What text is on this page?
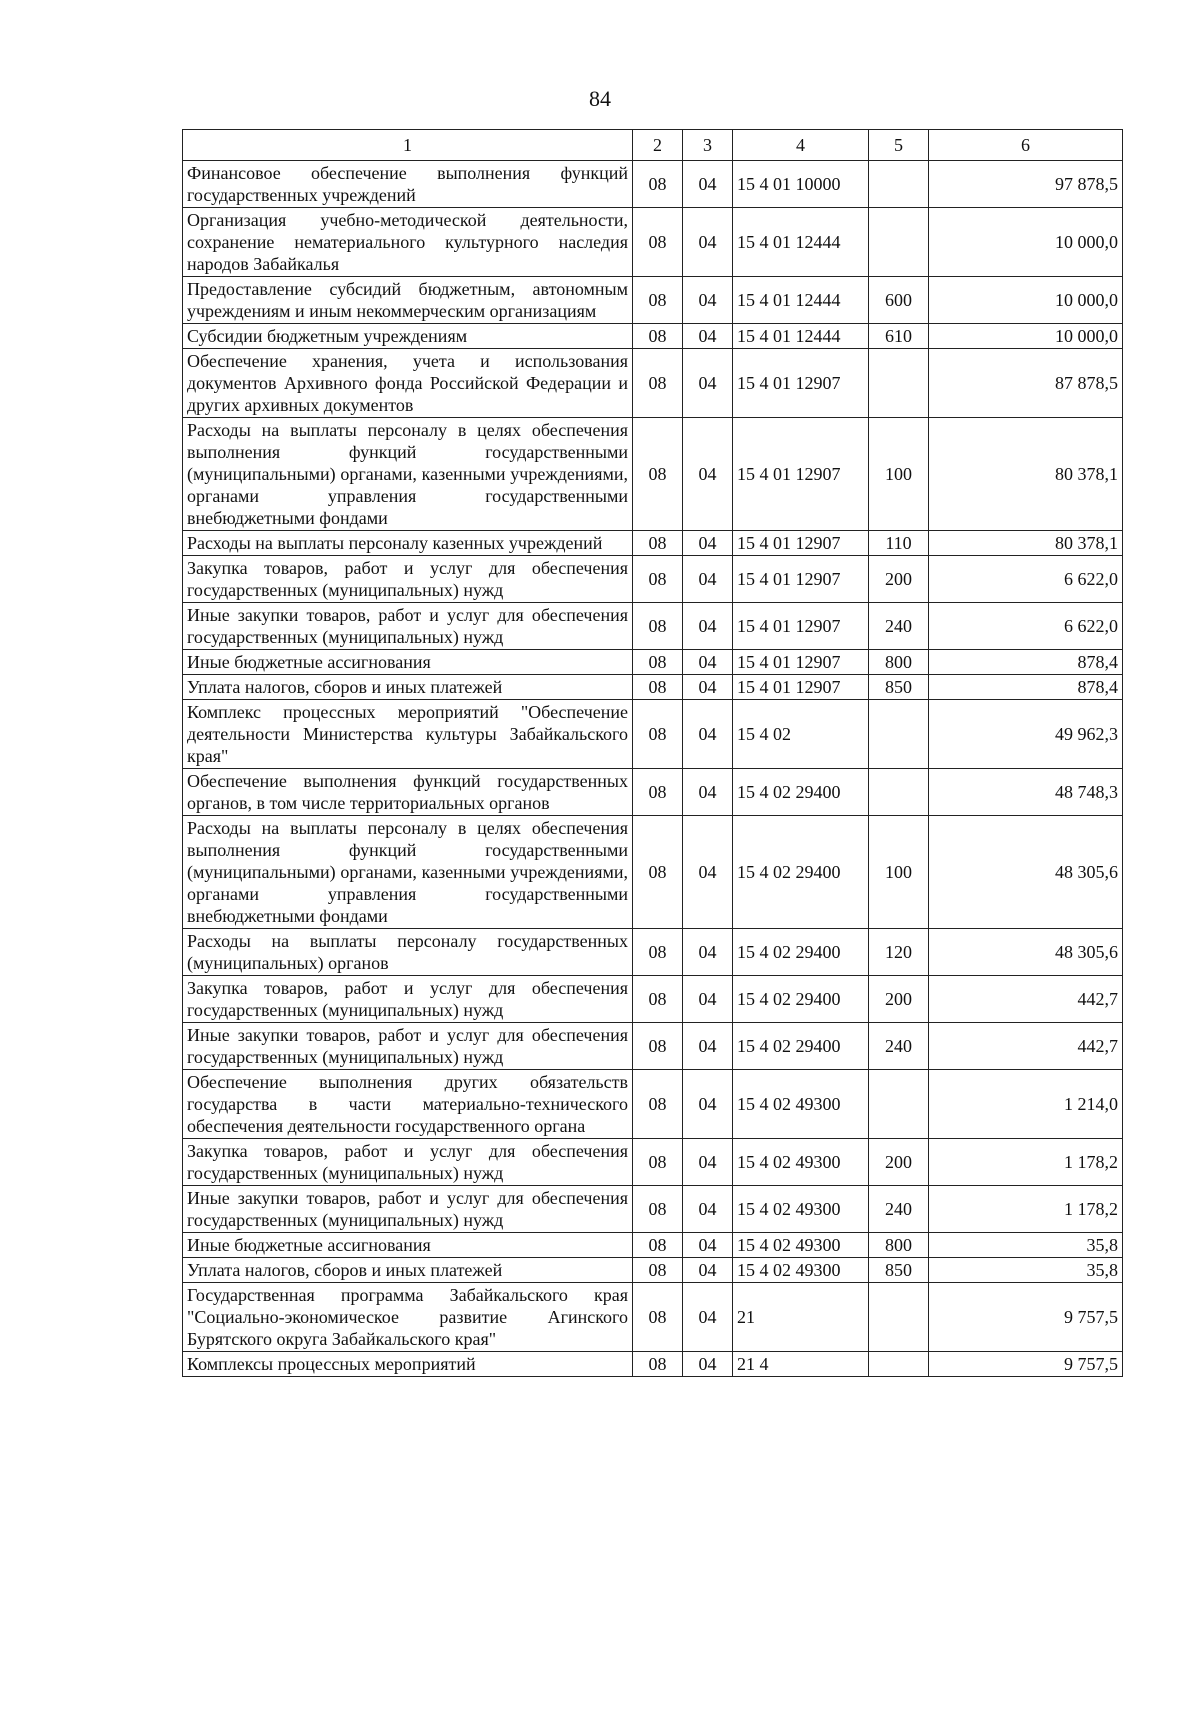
84
1	2	3	4	5	6
Финансовое обеспечение выполнения функций государственных учреждений	08	04	15 4 01 10000		97 878,5
Организация учебно-методической деятельности, сохранение нематериального культурного наследия народов Забайкалья	08	04	15 4 01 12444		10 000,0
Предоставление субсидий бюджетным, автономным учреждениям и иным некоммерческим организациям	08	04	15 4 01 12444	600	10 000,0
Субсидии бюджетным учреждениям	08	04	15 4 01 12444	610	10 000,0
Обеспечение хранения, учета и использования документов Архивного фонда Российской Федерации и других архивных документов	08	04	15 4 01 12907		87 878,5
Расходы на выплаты персоналу в целях обеспечения выполнения функций государственными (муниципальными) органами, казенными учреждениями, органами управления государственными внебюджетными фондами	08	04	15 4 01 12907	100	80 378,1
Расходы на выплаты персоналу казенных учреждений	08	04	15 4 01 12907	110	80 378,1
Закупка товаров, работ и услуг для обеспечения государственных (муниципальных) нужд	08	04	15 4 01 12907	200	6 622,0
Иные закупки товаров, работ и услуг для обеспечения государственных (муниципальных) нужд	08	04	15 4 01 12907	240	6 622,0
Иные бюджетные ассигнования	08	04	15 4 01 12907	800	878,4
Уплата налогов, сборов и иных платежей	08	04	15 4 01 12907	850	878,4
Комплекс процессных мероприятий "Обеспечение деятельности Министерства культуры Забайкальского края"	08	04	15 4 02		49 962,3
Обеспечение выполнения функций государственных органов, в том числе территориальных органов	08	04	15 4 02 29400		48 748,3
Расходы на выплаты персоналу в целях обеспечения выполнения функций государственными (муниципальными) органами, казенными учреждениями, органами управления государственными внебюджетными фондами	08	04	15 4 02 29400	100	48 305,6
Расходы на выплаты персоналу государственных (муниципальных) органов	08	04	15 4 02 29400	120	48 305,6
Закупка товаров, работ и услуг для обеспечения государственных (муниципальных) нужд	08	04	15 4 02 29400	200	442,7
Иные закупки товаров, работ и услуг для обеспечения государственных (муниципальных) нужд	08	04	15 4 02 29400	240	442,7
Обеспечение выполнения других обязательств государства в части материально-технического обеспечения деятельности государственного органа	08	04	15 4 02 49300		1 214,0
Закупка товаров, работ и услуг для обеспечения государственных (муниципальных) нужд	08	04	15 4 02 49300	200	1 178,2
Иные закупки товаров, работ и услуг для обеспечения государственных (муниципальных) нужд	08	04	15 4 02 49300	240	1 178,2
Иные бюджетные ассигнования	08	04	15 4 02 49300	800	35,8
Уплата налогов, сборов и иных платежей	08	04	15 4 02 49300	850	35,8
Государственная программа Забайкальского края "Социально-экономическое развитие Агинского Бурятского округа Забайкальского края"	08	04	21		9 757,5
Комплексы процессных мероприятий	08	04	21 4		9 757,5
